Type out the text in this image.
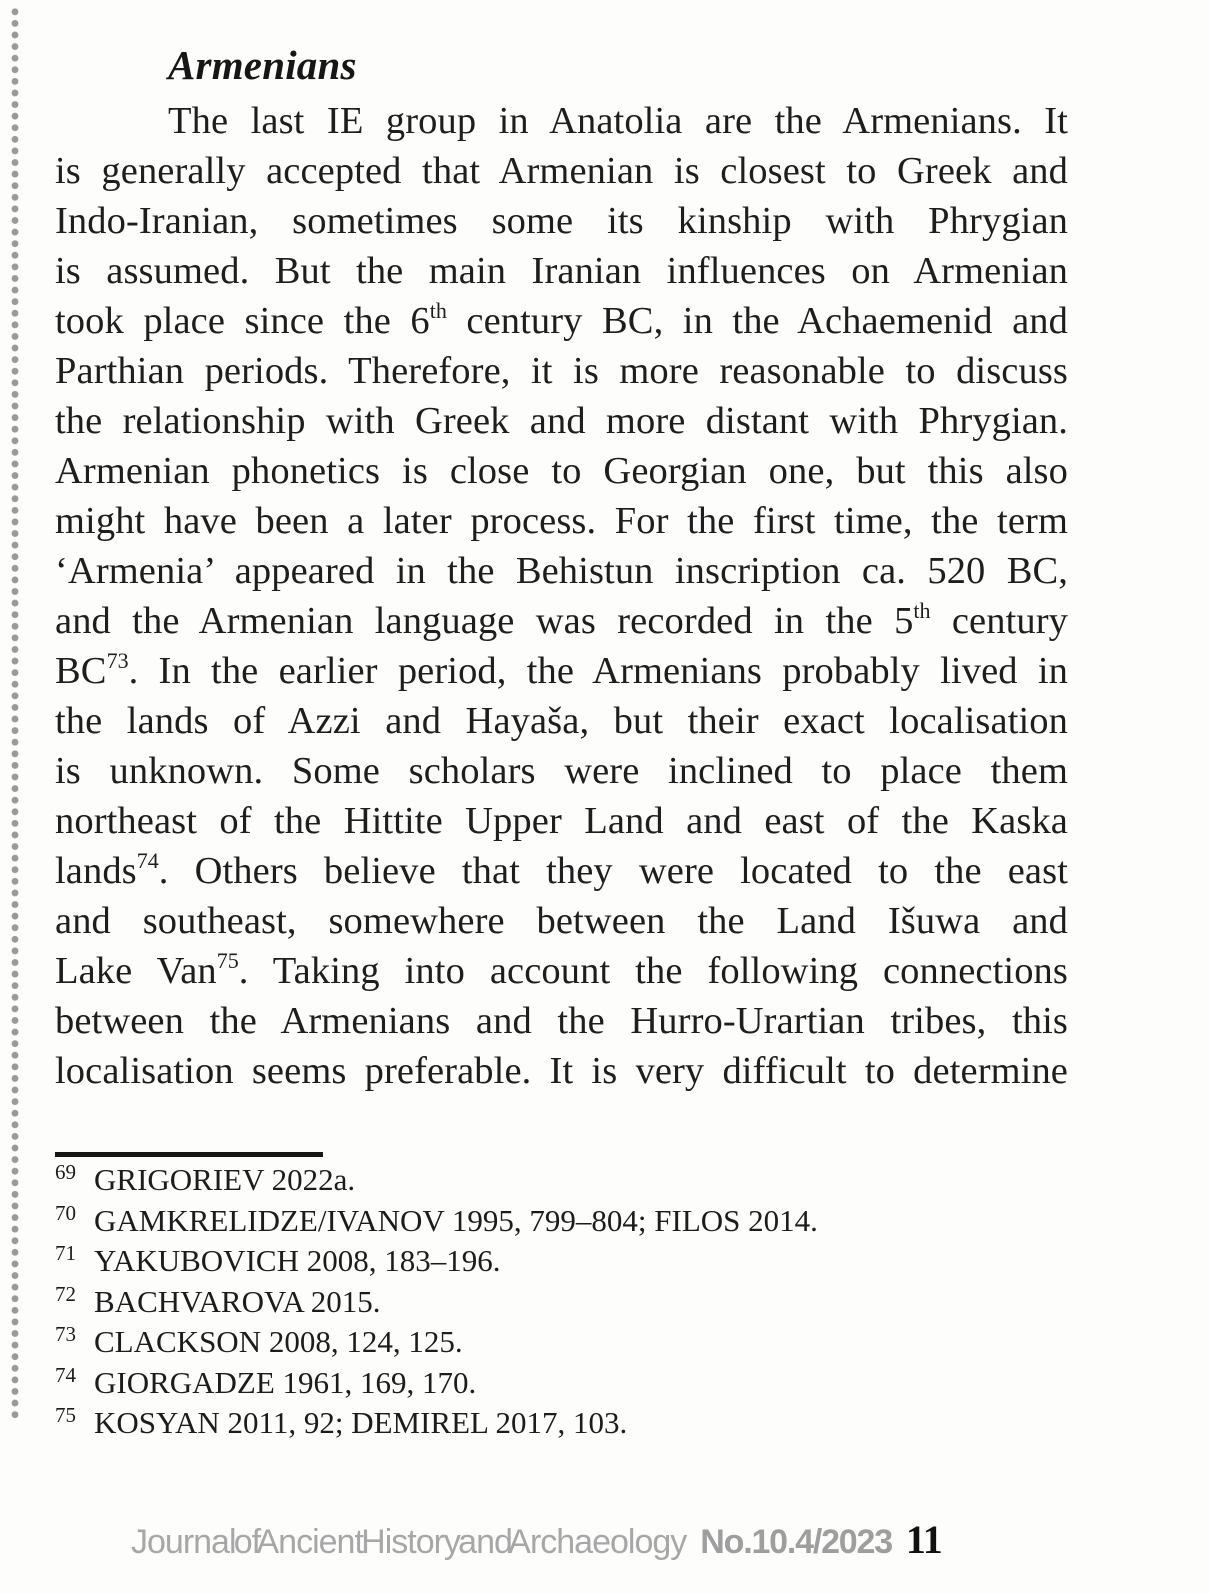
Armenians
The last IE group in Anatolia are the Armenians. It
is generally accepted that Armenian is closest to Greek and
Indo-Iranian, sometimes some its kinship with Phrygian
is assumed. But the main Iranian influences on Armenian
took place since the 6th century BC, in the Achaemenid and
Parthian periods. Therefore, it is more reasonable to discuss
the relationship with Greek and more distant with Phrygian.
Armenian phonetics is close to Georgian one, but this also
might have been a later process. For the first time, the term
‘Armenia’ appeared in the Behistun inscription ca. 520 BC,
and the Armenian language was recorded in the 5th century
BC$^{73}$. In the earlier period, the Armenians probably lived in
the lands of Azzi and Hayaša, but their exact localisation
is unknown. Some scholars were inclined to place them
northeast of the Hittite Upper Land and east of the Kaska
lands$^{74}$. Others believe that they were located to the east
and southeast, somewhere between the Land Išuwa and
Lake Van$^{75}$. Taking into account the following connections
between the Armenians and the Hurro-Urartian tribes, this
localisation seems preferable. It is very difficult to determine
69 GRIGORIEV 2022a.
70 GAMKRELIDZE/IVANOV 1995, 799–804; FILOS 2014.
71 YAKUBOVICH 2008, 183–196.
72 BACHVAROVA 2015.
73 CLACKSON 2008, 124, 125.
74 GIORGADZE 1961, 169, 170.
75 KOSYAN 2011, 92; DEMIREL 2017, 103.
Journal of Ancient History and Archaeology No.10.4/2023 11
